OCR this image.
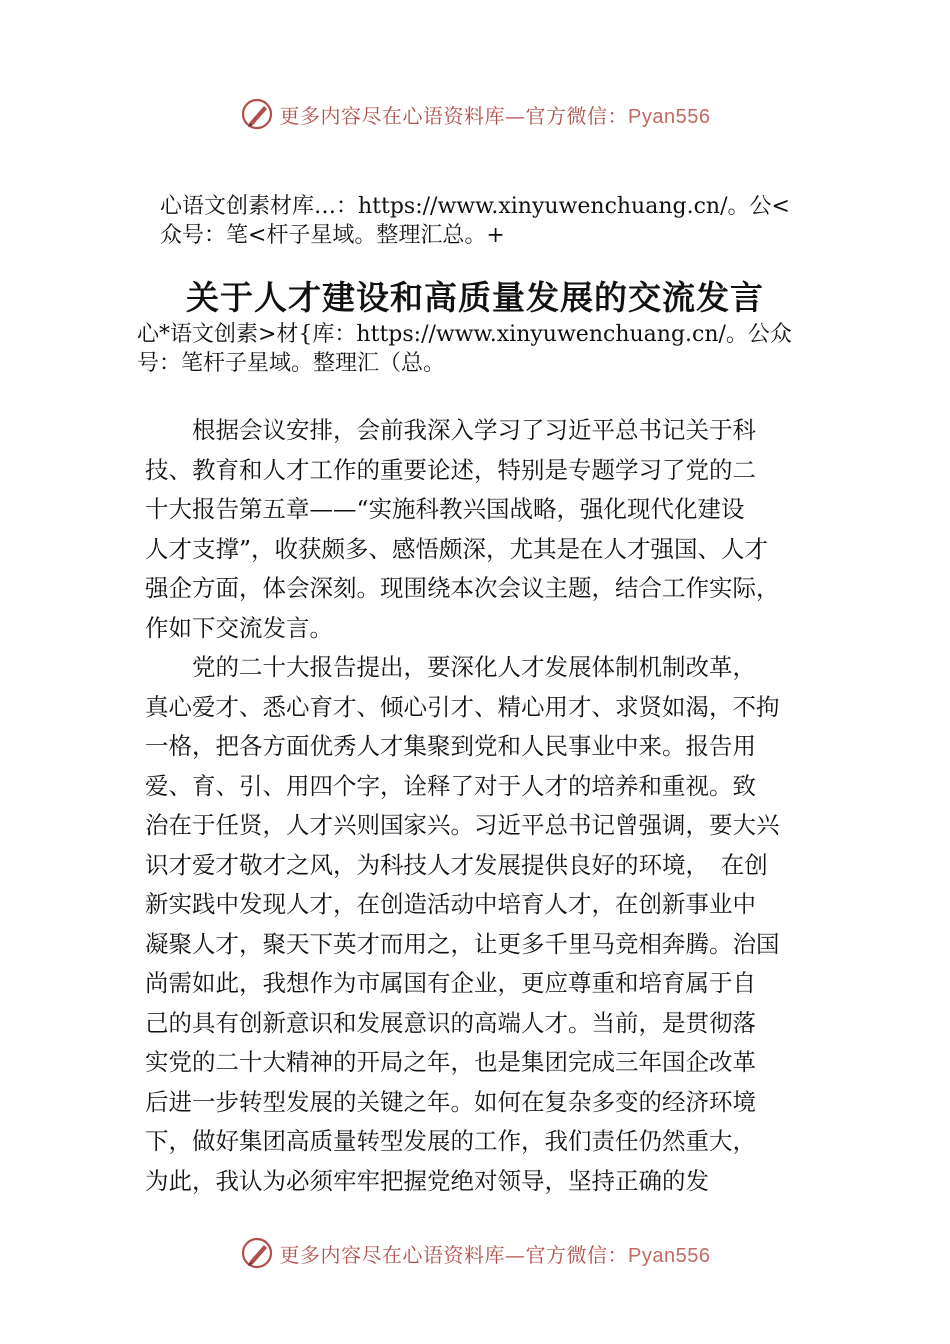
更多内容尽在心语资料库—官方微信：Pyan556
心语文创素材库…：https://www.xinyuwenchuang.cn/。公<
众号：笔<杆子星域。整理汇总。+
关于人才建设和高质量发展的交流发言
心*语文创素>材{库：https://www.xinyuwenchuang.cn/。公众
号：笔杆子星域。整理汇（总。
　　根据会议安排，会前我深入学习了习近平总书记关于科
技、教育和人才工作的重要论述，特别是专题学习了党的二
十大报告第五章——“实施科教兴国战略，强化现代化建设
人才支撑”，收获颇多、感悟颇深，尤其是在人才强国、人才
强企方面，体会深刻。现围绕本次会议主题，结合工作实际，
作如下交流发言。
　　党的二十大报告提出，要深化人才发展体制机制改革，
真心爱才、悉心育才、倾心引才、精心用才、求贤如渴，不拘
一格，把各方面优秀人才集聚到党和人民事业中来。报告用
爱、育、引、用四个字，诠释了对于人才的培养和重视。致
治在于任贤，人才兴则国家兴。习近平总书记曾强调，要大兴
识才爱才敬才之风，为科技人才发展提供良好的环境，　在创
新实践中发现人才，在创造活动中培育人才，在创新事业中
凝聚人才，聚天下英才而用之，让更多千里马竞相奔腾。治国
尚需如此，我想作为市属国有企业，更应尊重和培育属于自
己的具有创新意识和发展意识的高端人才。当前，是贯彻落
实党的二十大精神的开局之年，也是集团完成三年国企改革
后进一步转型发展的关键之年。如何在复杂多变的经济环境
下，做好集团高质量转型发展的工作，我们责任仍然重大，
为此，我认为必须牢牢把握党绝对领导，坚持正确的发
更多内容尽在心语资料库—官方微信：Pyan556
